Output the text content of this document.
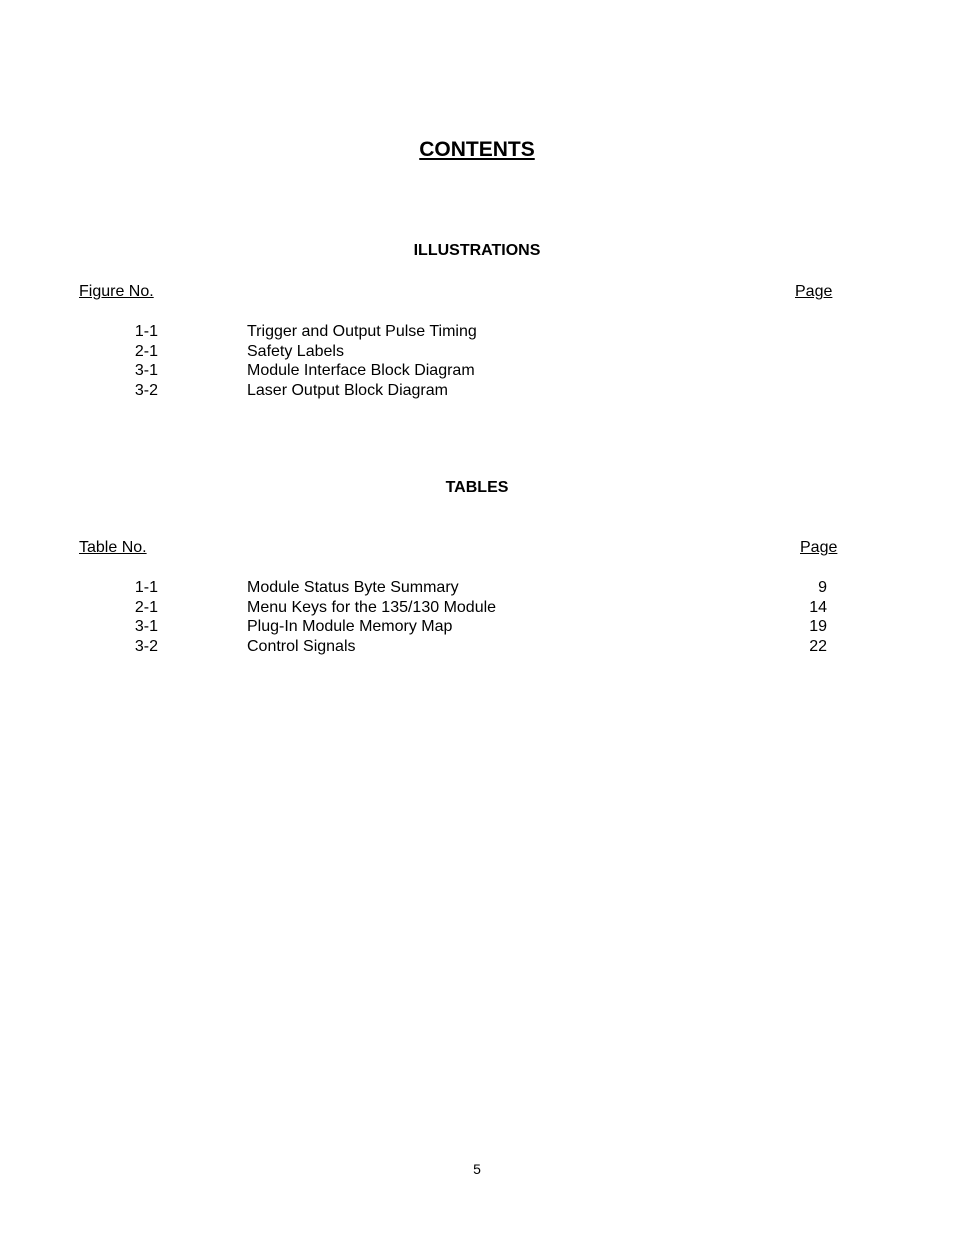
CONTENTS
ILLUSTRATIONS
Figure No.	Page
1-1	Trigger and Output Pulse Timing
2-1	Safety Labels
3-1	Module Interface Block Diagram
3-2	Laser Output Block Diagram
TABLES
Table No.	Page
1-1	Module Status Byte Summary	9
2-1	Menu Keys for the 135/130 Module	14
3-1	Plug-In Module Memory Map	19
3-2	Control Signals	22
5
